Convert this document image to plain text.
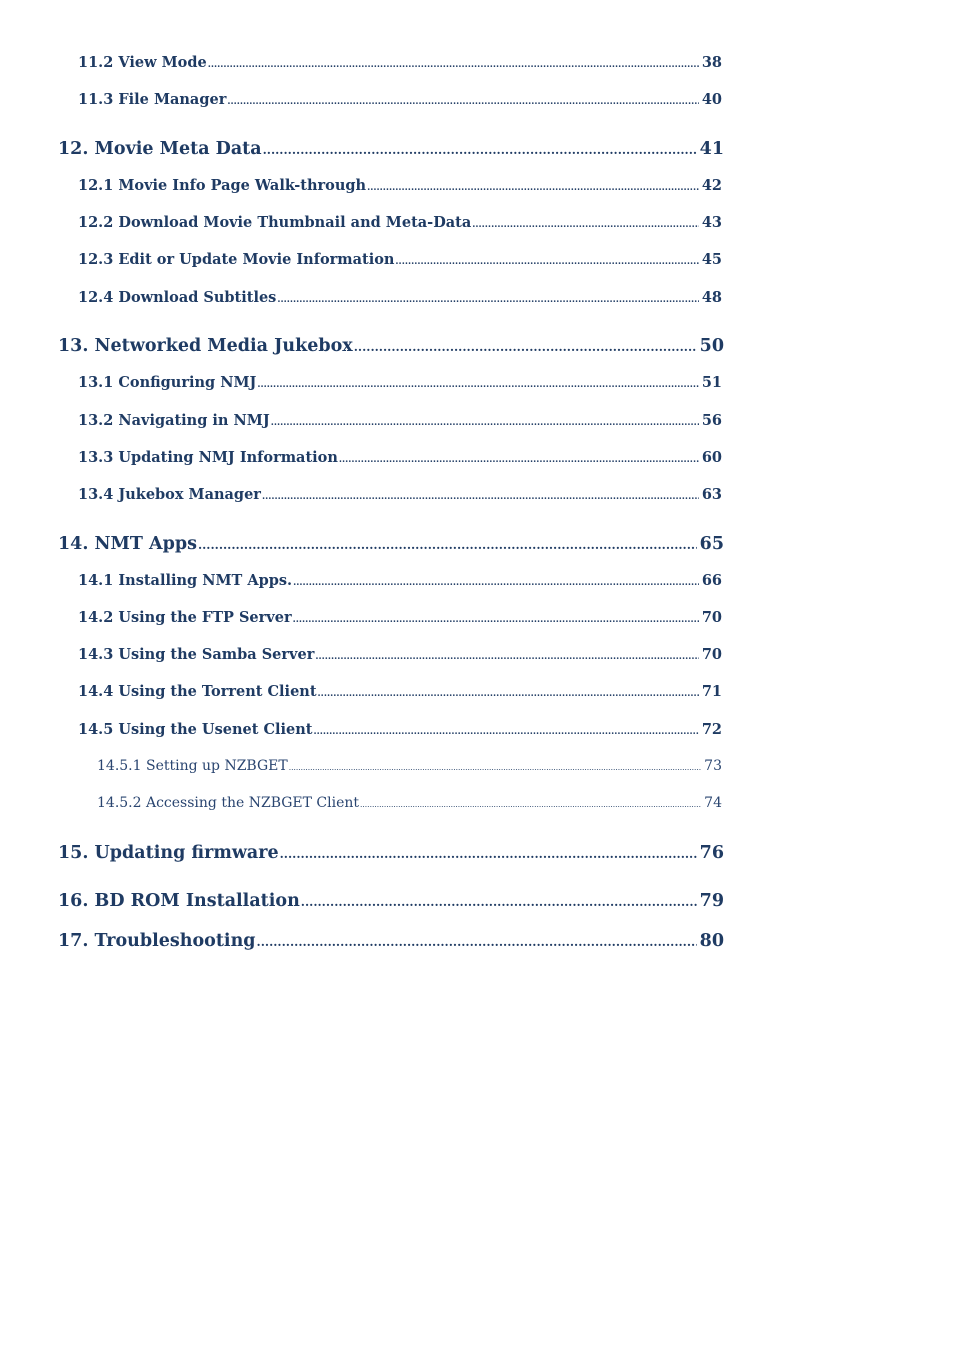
11.2 View Mode .....	38
11.3 File Manager .....	40
12. Movie Meta Data .....	41
12.1 Movie Info Page Walk-through .....	42
12.2 Download Movie Thumbnail and Meta-Data .....	43
12.3 Edit or Update Movie Information .....	45
12.4 Download Subtitles .....	48
13. Networked Media Jukebox .....	50
13.1 Configuring NMJ .....	51
13.2 Navigating in NMJ .....	56
13.3 Updating NMJ Information .....	60
13.4 Jukebox Manager .....	63
14. NMT Apps .....	65
14.1 Installing NMT Apps. .....	66
14.2 Using the FTP Server .....	70
14.3 Using the Samba Server .....	70
14.4 Using the Torrent Client .....	71
14.5 Using the Usenet Client .....	72
14.5.1 Setting up NZBGET .....	73
14.5.2 Accessing the NZBGET Client .....	74
15. Updating firmware .....	76
16. BD ROM Installation .....	79
17. Troubleshooting .....	80
